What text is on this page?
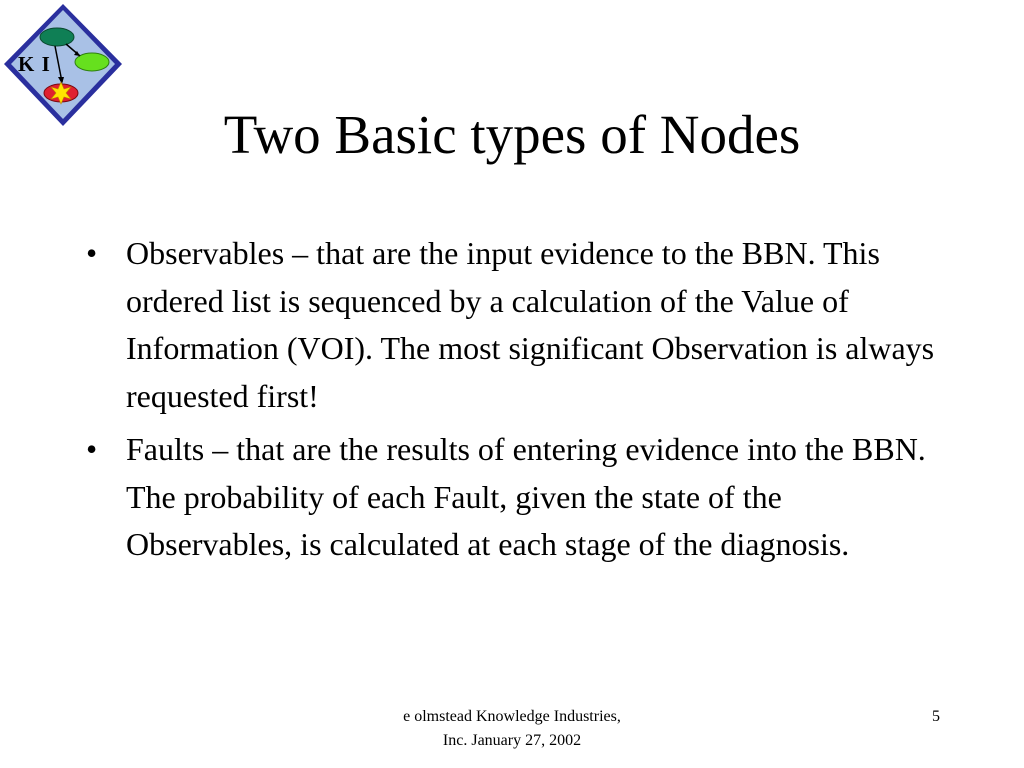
K I
Two Basic types of Nodes
• Observables – that are the input evidence to the BBN. This ordered list is sequenced by a calculation of the Value of Information (VOI). The most significant Observation is always requested first!
• Faults – that are the results of entering evidence into the BBN. The probability of each Fault, given the state of the Observables, is calculated at each stage of the diagnosis.
e olmstead Knowledge Industries,
Inc. January 27, 2002
5
